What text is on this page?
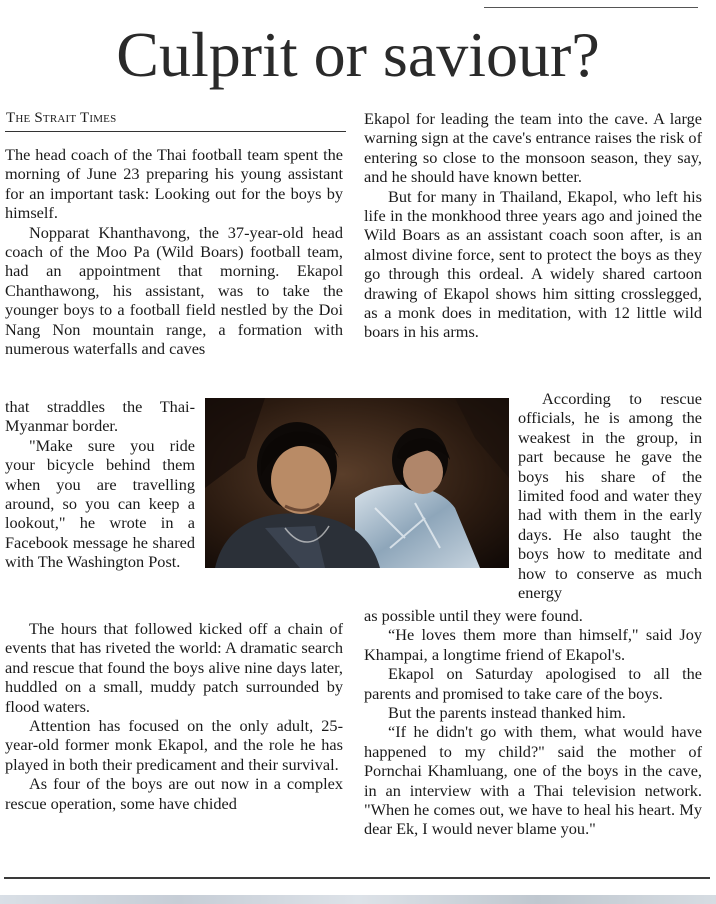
Culprit or saviour?
The Strait Times

The head coach of the Thai football team spent the morning of June 23 preparing his young assistant for an important task: Looking out for the boys by himself.

Nopparat Khanthavong, the 37-year-old head coach of the Moo Pa (Wild Boars) football team, had an appointment that morning. Ekapol Chanthawong, his assistant, was to take the younger boys to a football field nestled by the Doi Nang Non mountain range, a formation with numerous waterfalls and caves

that straddles the Thai-Myanmar border.

"Make sure you ride your bicycle behind them when you are travelling around, so you can keep a lookout," he wrote in a Facebook message he shared with The Washington Post.

The hours that followed kicked off a chain of events that has riveted the world: A dramatic search and rescue that found the boys alive nine days later, huddled on a small, muddy patch surrounded by flood waters.

Attention has focused on the only adult, 25-year-old former monk Ekapol, and the role he has played in both their predicament and their survival.

As four of the boys are out now in a complex rescue operation, some have chided

Ekapol for leading the team into the cave. A large warning sign at the cave's entrance raises the risk of entering so close to the monsoon season, they say, and he should have known better.

But for many in Thailand, Ekapol, who left his life in the monkhood three years ago and joined the Wild Boars as an assistant coach soon after, is an almost divine force, sent to protect the boys as they go through this ordeal. A widely shared cartoon drawing of Ekapol shows him sitting crosslegged, as a monk does in meditation, with 12 little wild boars in his arms.

According to rescue officials, he is among the weakest in the group, in part because he gave the boys his share of the limited food and water they had with them in the early days. He also taught the boys how to meditate and how to conserve as much energy

as possible until they were found.

“He loves them more than himself," said Joy Khampai, a longtime friend of Ekapol's.

Ekapol on Saturday apologised to all the parents and promised to take care of the boys.

But the parents instead thanked him.

“If he didn't go with them, what would have happened to my child?" said the mother of Pornchai Khamluang, one of the boys in the cave, in an interview with a Thai television network. "When he comes out, we have to heal his heart. My dear Ek, I would never blame you."
